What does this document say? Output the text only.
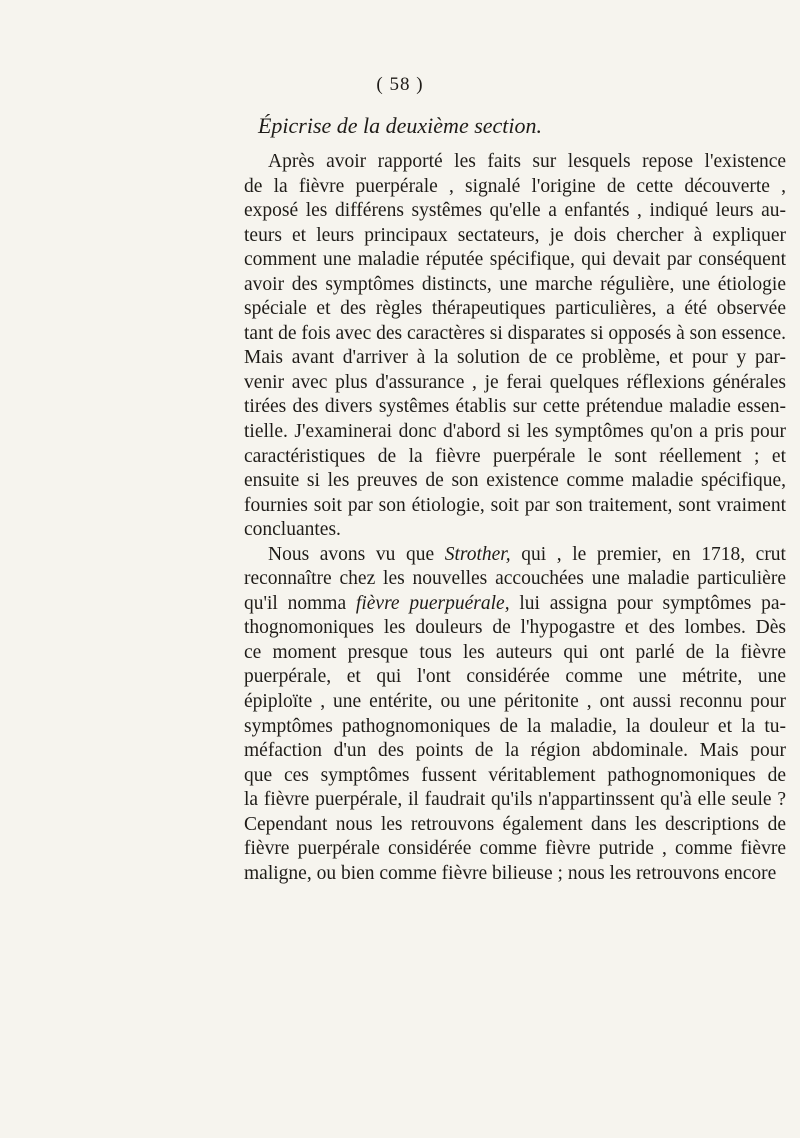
( 58 )
Épicrise de la deuxième section.
Après avoir rapporté les faits sur lesquels repose l'existence
de la fièvre puerpérale , signalé l'origine de cette découverte ,
exposé les différens systêmes qu'elle a enfantés , indiqué leurs au-
teurs et leurs principaux sectateurs, je dois chercher à expliquer
comment une maladie réputée spécifique, qui devait par conséquent
avoir des symptômes distincts, une marche régulière, une étiologie
spéciale et des règles thérapeutiques particulières, a été observée
tant de fois avec des caractères si disparates si opposés à son essence.
Mais avant d'arriver à la solution de ce problème, et pour y par-
venir avec plus d'assurance , je ferai quelques réflexions générales
tirées des divers systêmes établis sur cette prétendue maladie essen-
tielle. J'examinerai donc d'abord si les symptômes qu'on a pris pour
caractéristiques de la fièvre puerpérale le sont réellement ; et
ensuite si les preuves de son existence comme maladie spécifique,
fournies soit par son étiologie, soit par son traitement, sont vraiment
concluantes.
Nous avons vu que Strother, qui , le premier, en 1718, crut
reconnaître chez les nouvelles accouchées une maladie particulière
qu'il nomma fièvre puerpuérale, lui assigna pour symptômes pa-
thognomoniques les douleurs de l'hypogastre et des lombes. Dès
ce moment presque tous les auteurs qui ont parlé de la fièvre
puerpérale, et qui l'ont considérée comme une métrite, une
épiploïte , une entérite, ou une péritonite , ont aussi reconnu pour
symptômes pathognomoniques de la maladie, la douleur et la tu-
méfaction d'un des points de la région abdominale. Mais pour
que ces symptômes fussent véritablement pathognomoniques de
la fièvre puerpérale, il faudrait qu'ils n'appartinssent qu'à elle seule ?
Cependant nous les retrouvons également dans les descriptions de
fièvre puerpérale considérée comme fièvre putride , comme fièvre
maligne, ou bien comme fièvre bilieuse ; nous les retrouvons encore
